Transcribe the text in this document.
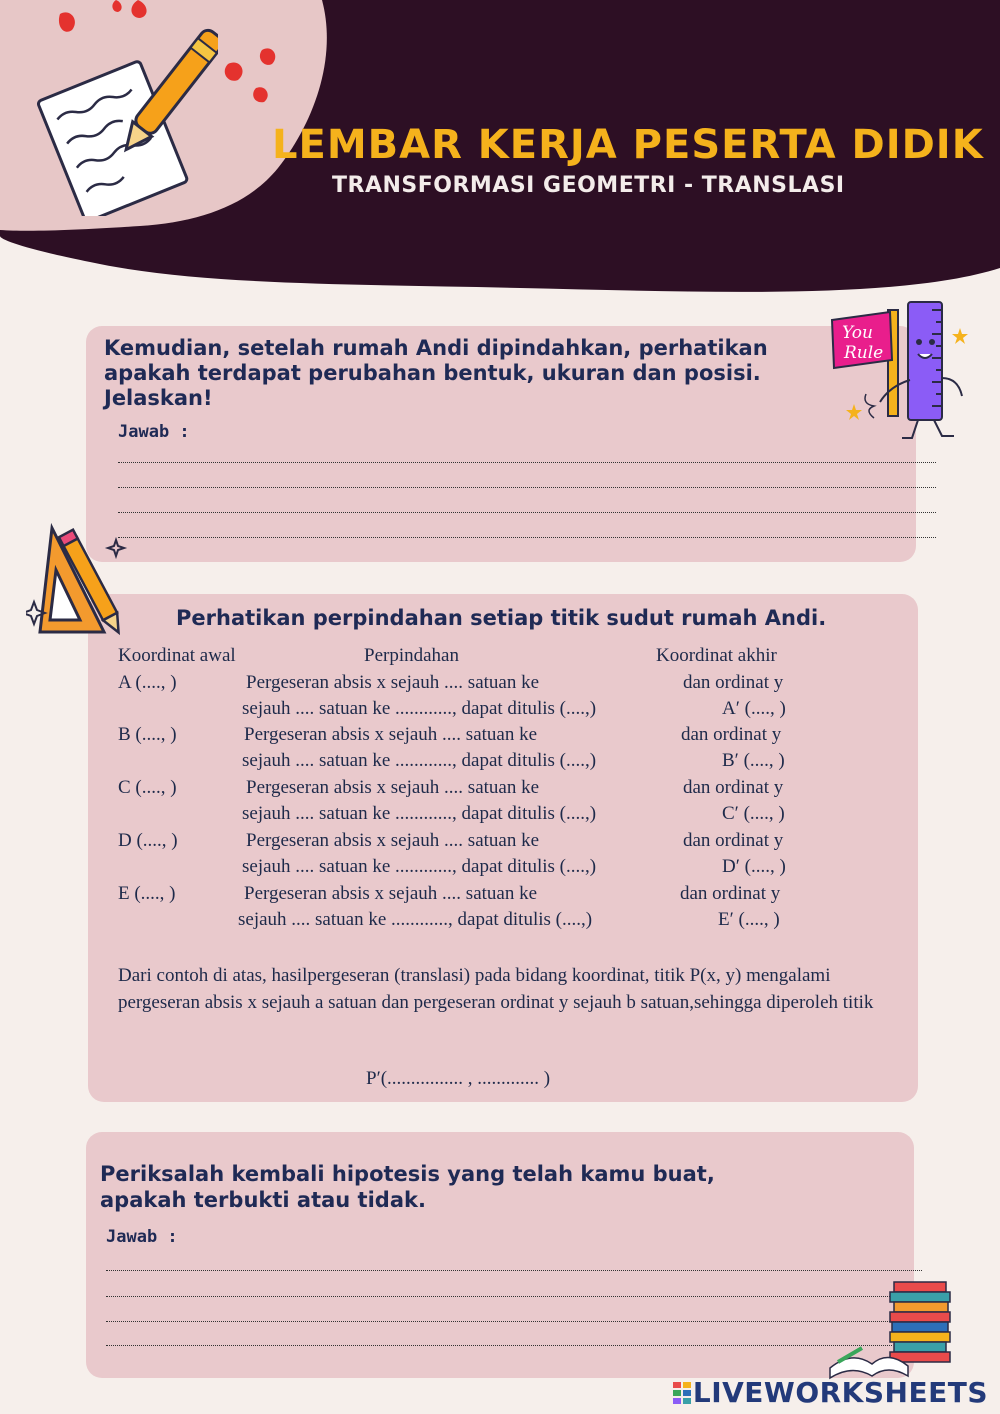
LEMBAR KERJA PESERTA DIDIK
TRANSFORMASI GEOMETRI - TRANSLASI
Kemudian, setelah rumah Andi dipindahkan, perhatikan apakah terdapat perubahan bentuk, ukuran dan posisi. Jelaskan!
Jawab :
You
Rule
Perhatikan perpindahan setiap titik sudut rumah Andi.
Koordinat awal	Perpindahan	Koordinat akhir
A (...., )	Pergeseran absis x sejauh .... satuan ke	dan ordinat y
sejauh .... satuan ke ............, dapat ditulis (....,)	A′ (...., )
B (...., )	Pergeseran absis x sejauh .... satuan ke	dan ordinat y
sejauh .... satuan ke ............, dapat ditulis (....,)	B′ (...., )
C (...., )	Pergeseran absis x sejauh .... satuan ke	dan ordinat y
sejauh .... satuan ke ............, dapat ditulis (....,)	C′ (...., )
D (...., )	Pergeseran absis x sejauh .... satuan ke	dan ordinat y
sejauh .... satuan ke ............, dapat ditulis (....,)	D′ (...., )
E (...., )	Pergeseran absis x sejauh .... satuan ke	dan ordinat y
sejauh .... satuan ke ............, dapat ditulis (....,)	E′ (...., )
Dari contoh di atas, hasilpergeseran (translasi) pada bidang koordinat, titik P(x, y) mengalami pergeseran absis x sejauh a satuan dan pergeseran ordinat y sejauh b satuan,sehingga diperoleh titik
P′(................ , ............. )
Periksalah kembali hipotesis yang telah kamu buat,
apakah terbukti atau tidak.
Jawab :
LIVEWORKSHEETS
